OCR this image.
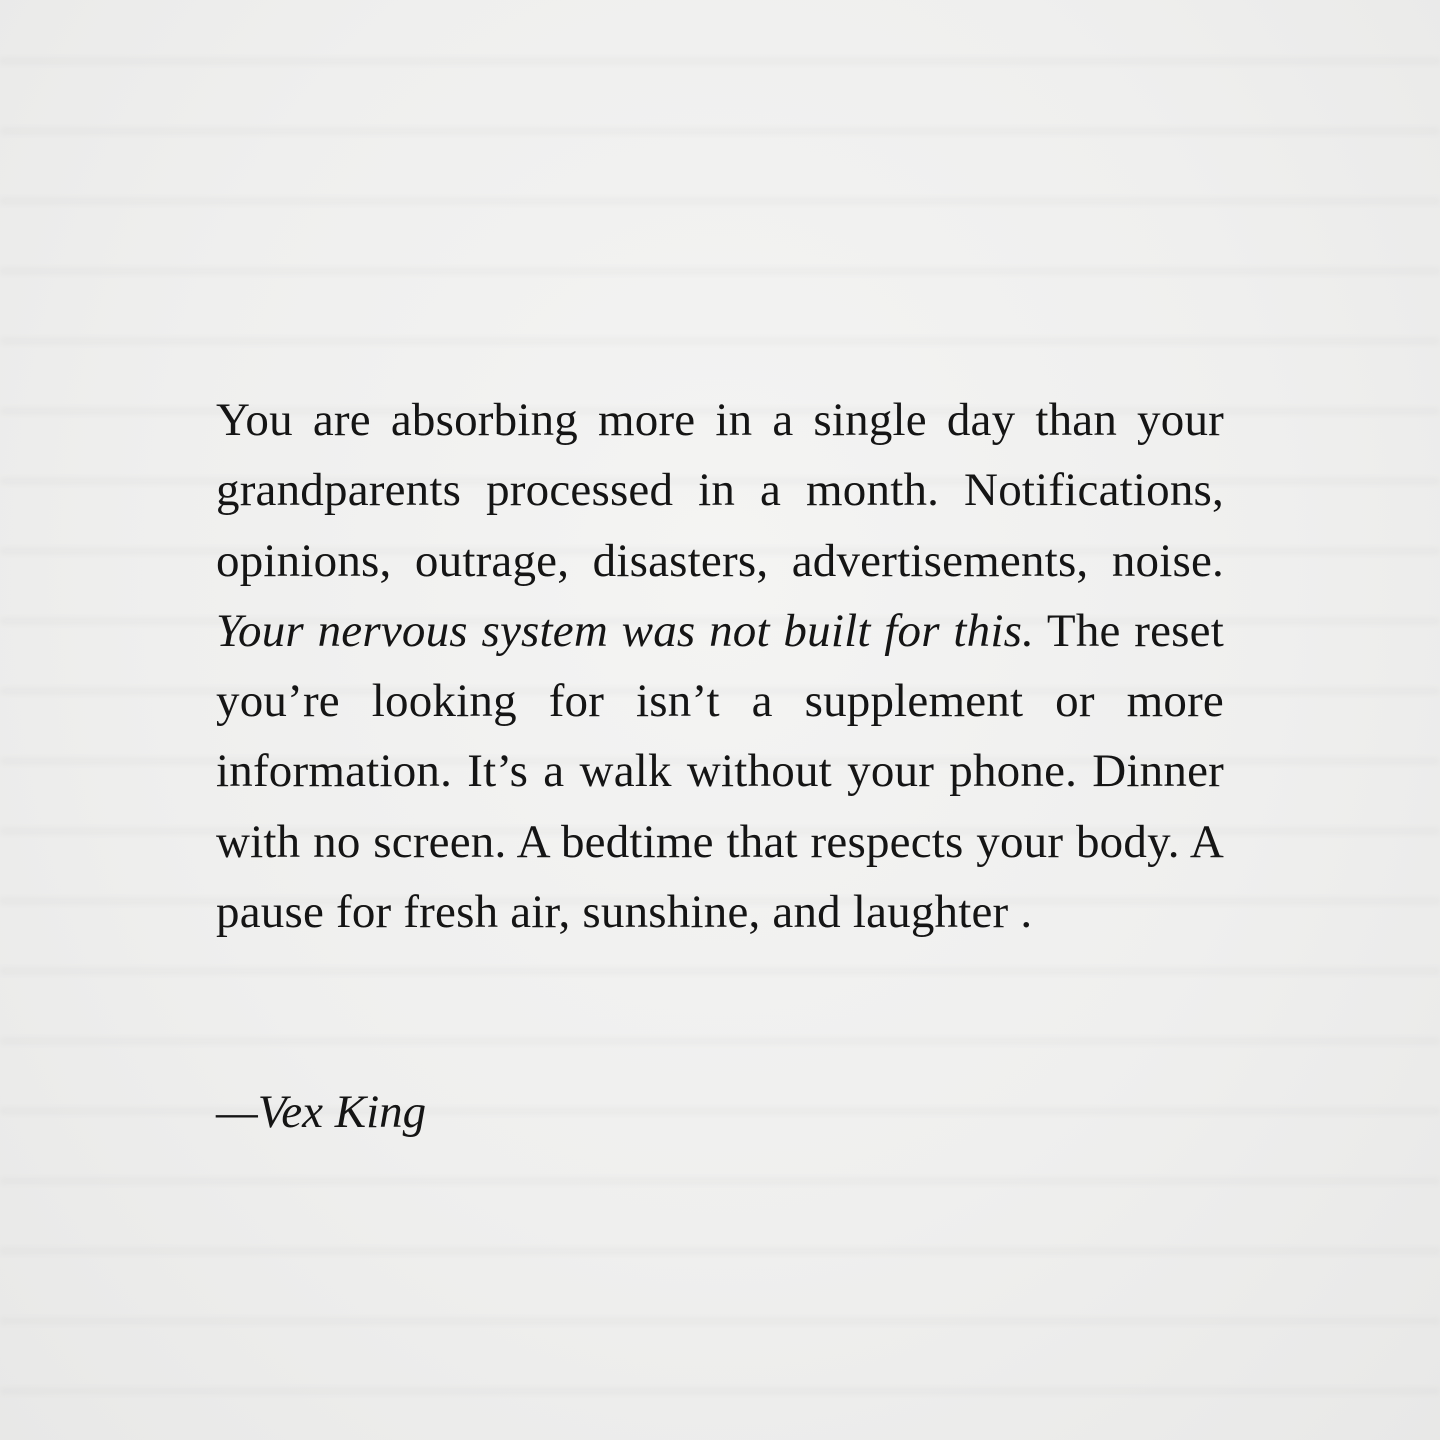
You are absorbing more in a single day than your grandparents processed in a month. Notifications, opinions, outrage, disasters, advertisements, noise. Your nervous system was not built for this. The reset you’re looking for isn’t a supplement or more information. It’s a walk without your phone. Dinner with no screen. A bedtime that respects your body. A pause for fresh air, sunshine, and laughter .

—Vex King
